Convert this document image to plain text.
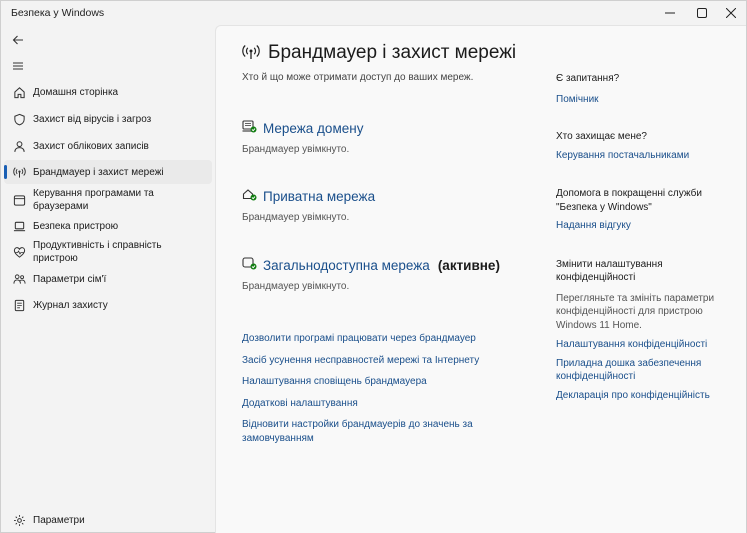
Безпека у Windows
Домашня сторінка
Захист від вірусів і загроз
Захист облікових записів
Брандмауер і захист мережі
Керування програмами та браузерами
Безпека пристрою
Продуктивність і справність пристрою
Параметри сім'ї
Журнал захисту
Параметри
Брандмауер і захист мережі
Хто й що може отримати доступ до ваших мереж.
Мережа домену
Брандмауер увімкнуто.
Приватна мережа
Брандмауер увімкнуто.
Загальнодоступна мережа (активне)
Брандмауер увімкнуто.
Дозволити програмі працювати через брандмауер
Засіб усунення несправностей мережі та Інтернету
Налаштування сповіщень брандмауера
Додаткові налаштування
Відновити настройки брандмауерів до значень за замовчуванням
Є запитання?
Помічник
Хто захищає мене?
Керування постачальниками
Допомога в покращенні служби "Безпека у Windows"
Надання відгуку
Змінити налаштування конфіденційності
Перегляньте та змініть параметри конфіденційності для пристрою Windows 11 Home.
Налаштування конфіденційності
Приладна дошка забезпечення конфіденційності
Декларація про конфіденційність
